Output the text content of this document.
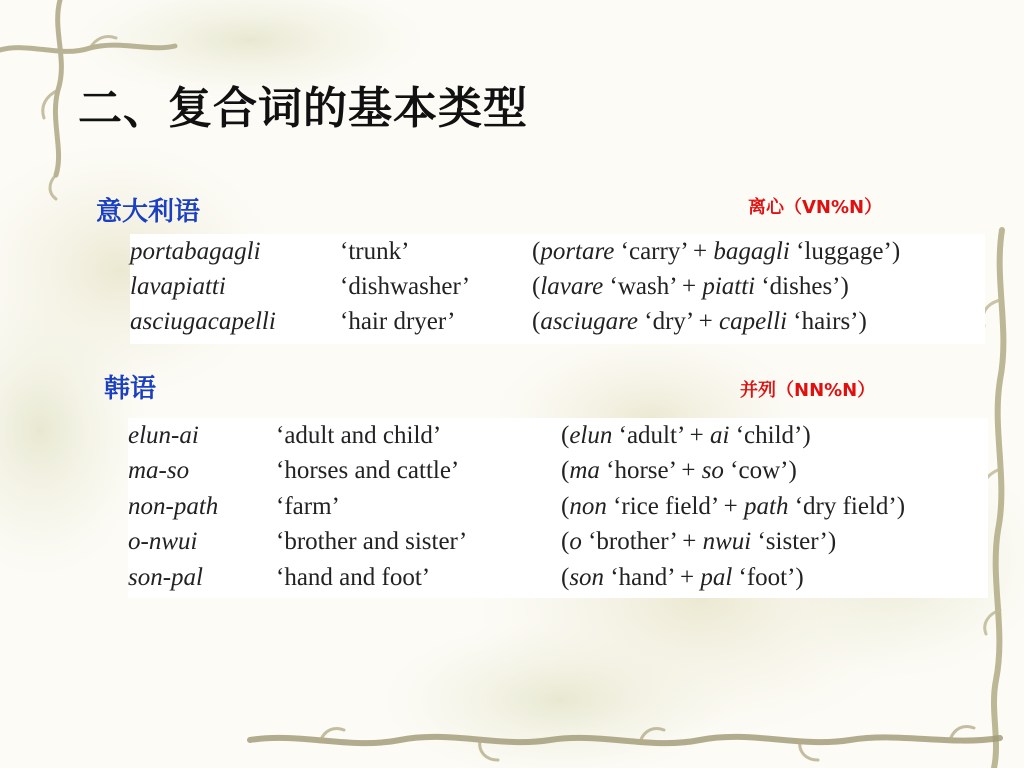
二、复合词的基本类型
意大利语	离心（VN%N）
portabagagli	‘trunk’	(portare ‘carry’ + bagagli ‘luggage’)
lavapiatti	‘dishwasher’	(lavare ‘wash’ + piatti ‘dishes’)
asciugacapelli	‘hair dryer’	(asciugare ‘dry’ + capelli ‘hairs’)
韩语	并列（NN%N）
elun-ai	‘adult and child’	(elun ‘adult’ + ai ‘child’)
ma-so	‘horses and cattle’	(ma ‘horse’ + so ‘cow’)
non-path	‘farm’	(non ‘rice field’ + path ‘dry field’)
o-nwui	‘brother and sister’	(o ‘brother’ + nwui ‘sister’)
son-pal	‘hand and foot’	(son ‘hand’ + pal ‘foot’)
